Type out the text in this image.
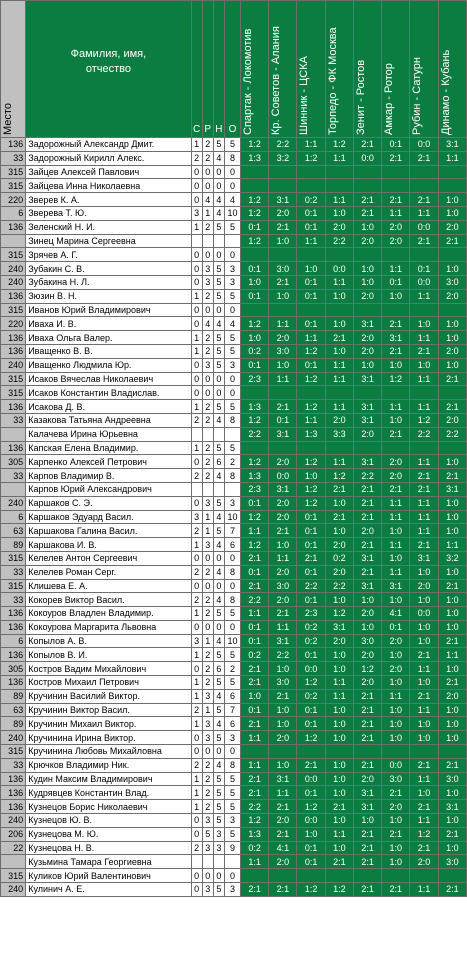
Место	Фамилия, имя, отчество	С	Р	Н	О	Спартак - Локомотив	Кр. Советов - Алания	Шинник - ЦСКА	Торпедо - ФК Москва	Зенит - Ростов	Амкар - Ротор	Рубин - Сатурн	Динамо - Кубань

136	Задорожный Александр Дмит.	1	2	5	5	1:2	2:2	1:1	1:2	2:1	0:1	0:0	3:1
33	Задорожный Кирилл Алекс.	2	2	4	8	1:3	3:2	1:2	1:1	0:0	2:1	2:1	1:1
315	Зайцев Алексей Павлович	0	0	0	0								
315	Зайцева Инна Николаевна	0	0	0	0								
220	Зверев К. А.	0	4	4	4	1:2	3:1	0:2	1:1	2:1	2:1	2:1	1:0
6	Зверева Т. Ю.	3	1	4	10	1:2	2:0	0:1	1:0	2:1	1:1	1:1	1:0
136	Зеленский Н. И.	1	2	5	5	0:1	2:1	0:1	2:0	1:0	2:0	0:0	2:0
	Зинец Марина Сергеевна					1:2	1:0	1:1	2:2	2:0	2:0	2:1	2:1
315	Зрячев А. Г.	0	0	0	0								
240	Зубакин С. В.	0	3	5	3	0:1	3:0	1:0	0:0	1:0	1:1	0:1	1:0
240	Зубакина Н. Л.	0	3	5	3	1:0	2:1	0:1	1:1	1:0	0:1	0:0	3:0
136	Зюзин В. Н.	1	2	5	5	0:1	1:0	0:1	1:0	2:0	1:0	1:1	2:0
315	Иванов Юрий Владимирович	0	0	0	0								
220	Иваха И. В.	0	4	4	4	1:2	1:1	0:1	1:0	3:1	2:1	1:0	1:0
136	Иваха Ольга Валер.	1	2	5	5	1:0	2:0	1:1	2:1	2:0	3:1	1:1	1:0
136	Иващенко В. В.	1	2	5	5	0:2	3:0	1:2	1:0	2:0	2:1	2:1	2:0
240	Иващенко Людмила Юр.	0	3	5	3	0:1	1:0	0:1	1:1	1:0	1:0	1:0	1:0
315	Исаков Вячеслав Николаевич	0	0	0	0	2:3	1:1	1:2	1:1	3:1	1:2	1:1	2:1
315	Исаков Константин Владислав.	0	0	0	0								
136	Исакова Д. В.	1	2	5	5	1:3	2:1	1:2	1:1	3:1	1:1	1:1	2:1
33	Казакова Татьяна Андреевна	2	2	4	8	1:2	0:1	1:1	2:0	3:1	1:0	1:2	2:0
	Калачева Ирина Юрьевна					2:2	3:1	1:3	3:3	2:0	2:1	2:2	2:2
136	Капская Елена Владимир.	1	2	5	5								
305	Карпенко Алексей Петрович	0	2	6	2	1:2	2:0	1:2	1:1	3:1	2:0	1:1	1:0
33	Карпов Владимир В.	2	2	4	8	1:3	0:0	1:0	1:2	2:2	2:0	2:1	2:1
	Карпов Юрий Александрович					2:3	3:1	1:2	2:1	2:1	2:1	2:1	3:1
240	Каршаков С. Э.	0	3	5	3	0:1	2:0	1:2	1:0	2:1	1:1	1:1	1:0
6	Каршаков Эдуард Васил.	3	1	4	10	1:2	2:0	0:1	2:1	2:1	1:1	1:1	1:0
63	Каршакова Галина Васил.	2	1	5	7	1:1	2:1	0:1	1:0	2:0	1:0	1:1	1:0
89	Каршакова И. В.	1	3	4	6	1:2	1:0	0:1	2:0	2:1	1:1	2:1	1:1
315	Келелев Антон Сергеевич	0	0	0	0	2:1	1:1	2:1	0:2	3:1	1:0	3:1	3:2
33	Келелев Роман Серг.	2	2	4	8	0:1	2:0	0:1	2:0	2:1	1:1	1:0	1:0
315	Клишева Е. А.	0	0	0	0	2:1	3:0	2:2	2:2	3:1	3:1	2:0	2:1
33	Кокорев Виктор Васил.	2	2	4	8	2:2	2:0	0:1	1:0	1:0	1:0	1:0	1:0
136	Кокоуров Владлен Владимир.	1	2	5	5	1:1	2:1	2:3	1:2	2:0	4:1	0:0	1:0
136	Кокоурова Маргарита Львовна	0	0	0	0	0:1	1:1	0:2	3:1	1:0	0:1	1:0	1:0
6	Копылов А. В.	3	1	4	10	0:1	3:1	0:2	2:0	3:0	2:0	1:0	2:1
136	Копылов В. И.	1	2	5	5	0:2	2:2	0:1	1:0	2:0	1:0	2:1	1:1
305	Костров Вадим Михайлович	0	2	6	2	2:1	1:0	0:0	1:0	1:2	2:0	1:1	1:0
136	Костров Михаил Петрович	1	2	5	5	2:1	3:0	1:2	1:1	2:0	1:0	1:0	2:1
89	Кручинин Василий Виктор.	1	3	4	6	1:0	2:1	0:2	1:1	2:1	1:1	2:1	2:0
63	Кручинин Виктор Васил.	2	1	5	7	0:1	1:0	0:1	1:0	2:1	1:0	1:1	1:0
89	Кручинин Михаил Виктор.	1	3	4	6	2:1	1:0	0:1	1:0	2:1	1:0	1:0	1:0
240	Кручинина Ирина Виктор.	0	3	5	3	1:1	2:0	1:2	1:0	2:1	1:0	1:0	1:0
315	Кручинина Любовь Михайловна	0	0	0	0								
33	Крючков Владимир Ник.	2	2	4	8	1:1	1:0	2:1	1:0	2:1	0:0	2:1	2:1
136	Кудин Максим Владимирович	1	2	5	5	2:1	3:1	0:0	1:0	2:0	3:0	1:1	3:0
136	Кудрявцев Константин Влад.	1	2	5	5	2:1	1:1	0:1	1:0	3:1	2:1	1:0	1:0
136	Кузнецов Борис Николаевич	1	2	5	5	2:2	2:1	1:2	2:1	3:1	2:0	2:1	3:1
240	Кузнецов Ю. В.	0	3	5	3	1:2	2:0	0:0	1:0	1:0	1:0	1:1	1:0
206	Кузнецова М. Ю.	0	5	3	5	1:3	2:1	1:0	1:1	2:1	2:1	1:2	2:1
22	Кузнецова Н. В.	2	3	3	9	0:2	4:1	0:1	1:0	2:1	1:0	2:1	1:0
	Кузьмина Тамара Георгиевна					1:1	2:0	0:1	2:1	2:1	1:0	2:0	3:0
315	Куликов Юрий Валентинович	0	0	0	0								
240	Кулинич А. Е.	0	3	5	3	2:1	2:1	1:2	1:2	2:1	2:1	1:1	2:1
